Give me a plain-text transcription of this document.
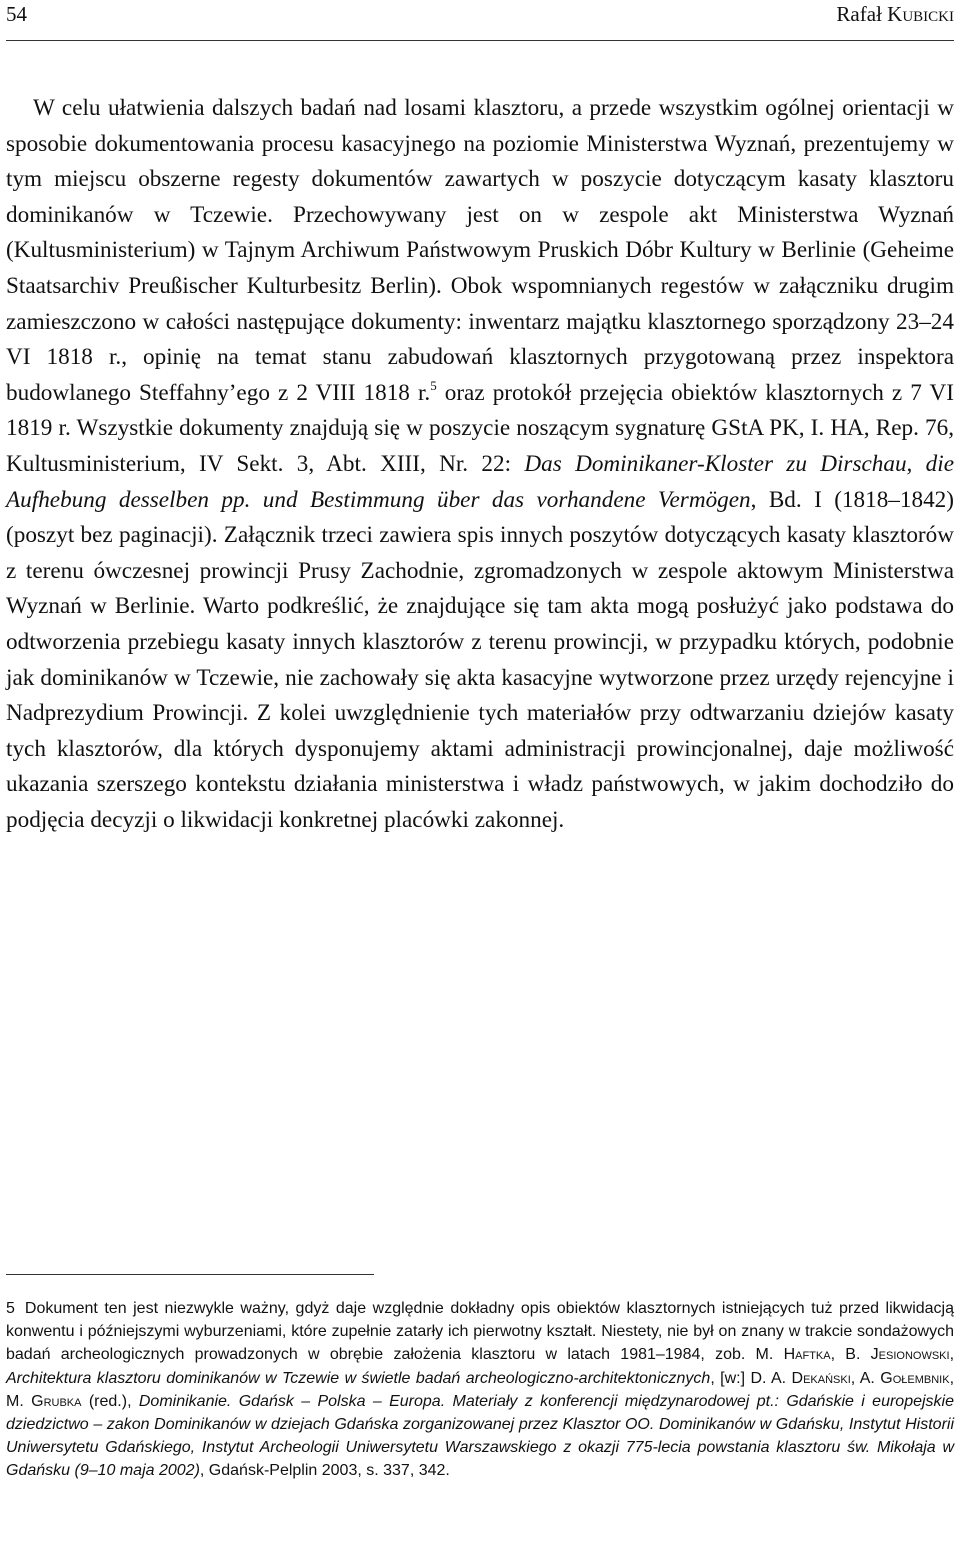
54	Rafał Kubicki

W celu ułatwienia dalszych badań nad losami klasztoru, a przede wszystkim ogólnej orientacji w sposobie dokumentowania procesu kasacyjnego na poziomie Ministerstwa Wyznań, prezentujemy w tym miejscu obszerne regesty dokumentów zawartych w poszycie dotyczącym kasaty klasztoru dominikanów w Tczewie. Przechowywany jest on w zespole akt Ministerstwa Wyznań (Kultusministerium) w Tajnym Archiwum Państwowym Pruskich Dóbr Kultury w Berlinie (Geheime Staatsarchiv Preußischer Kulturbesitz Berlin). Obok wspomnianych regestów w załączniku drugim zamieszczono w całości następujące dokumenty: inwentarz majątku klasztornego sporządzony 23–24 VI 1818 r., opinię na temat stanu zabudowań klasztornych przygotowaną przez inspektora budowlanego Steffahny’ego z 2 VIII 1818 r.$^5$ oraz protokół przejęcia obiektów klasztornych z 7 VI 1819 r. Wszystkie dokumenty znajdują się w poszycie noszącym sygnaturę GStA PK, I. HA, Rep. 76, Kultusministerium, IV Sekt. 3, Abt. XIII, Nr. 22: Das Dominikaner-Kloster zu Dirschau, die Aufhebung desselben pp. und Bestimmung über das vorhandene Vermögen, Bd. I (1818–1842) (poszyt bez paginacji). Załącznik trzeci zawiera spis innych poszytów dotyczących kasaty klasztorów z terenu ówczesnej prowincji Prusy Zachodnie, zgromadzonych w zespole aktowym Ministerstwa Wyznań w Berlinie. Warto podkreślić, że znajdujące się tam akta mogą posłużyć jako podstawa do odtworzenia przebiegu kasaty innych klasztorów z terenu prowincji, w przypadku których, podobnie jak dominikanów w Tczewie, nie zachowały się akta kasacyjne wytworzone przez urzędy rejencyjne i Nadprezydium Prowincji. Z kolei uwzględnienie tych materiałów przy odtwarzaniu dziejów kasaty tych klasztorów, dla których dysponujemy aktami administracji prowincjonalnej, daje możliwość ukazania szerszego kontekstu działania ministerstwa i władz państwowych, w jakim dochodziło do podjęcia decyzji o likwidacji konkretnej placówki zakonnej.

5 Dokument ten jest niezwykle ważny, gdyż daje względnie dokładny opis obiektów klasztornych istniejących tuż przed likwidacją konwentu i późniejszymi wyburzeniami, które zupełnie zatarły ich pierwotny kształt. Niestety, nie był on znany w trakcie sondażowych badań archeologicznych prowadzonych w obrębie założenia klasztoru w latach 1981–1984, zob. M. Haftka, B. Jesionowski, Architektura klasztoru dominikanów w Tczewie w świetle badań archeologiczno-architektonicznych, [w:] D. A. Dekański, A. Gołembnik, M. Grubka (red.), Dominikanie. Gdańsk – Polska – Europa. Materiały z konferencji międzynarodowej pt.: Gdańskie i europejskie dziedzictwo – zakon Dominikanów w dziejach Gdańska zorganizowanej przez Klasztor OO. Dominikanów w Gdańsku, Instytut Historii Uniwersytetu Gdańskiego, Instytut Archeologii Uniwersytetu Warszawskiego z okazji 775-lecia powstania klasztoru św. Mikołaja w Gdańsku (9–10 maja 2002), Gdańsk-Pelplin 2003, s. 337, 342.
